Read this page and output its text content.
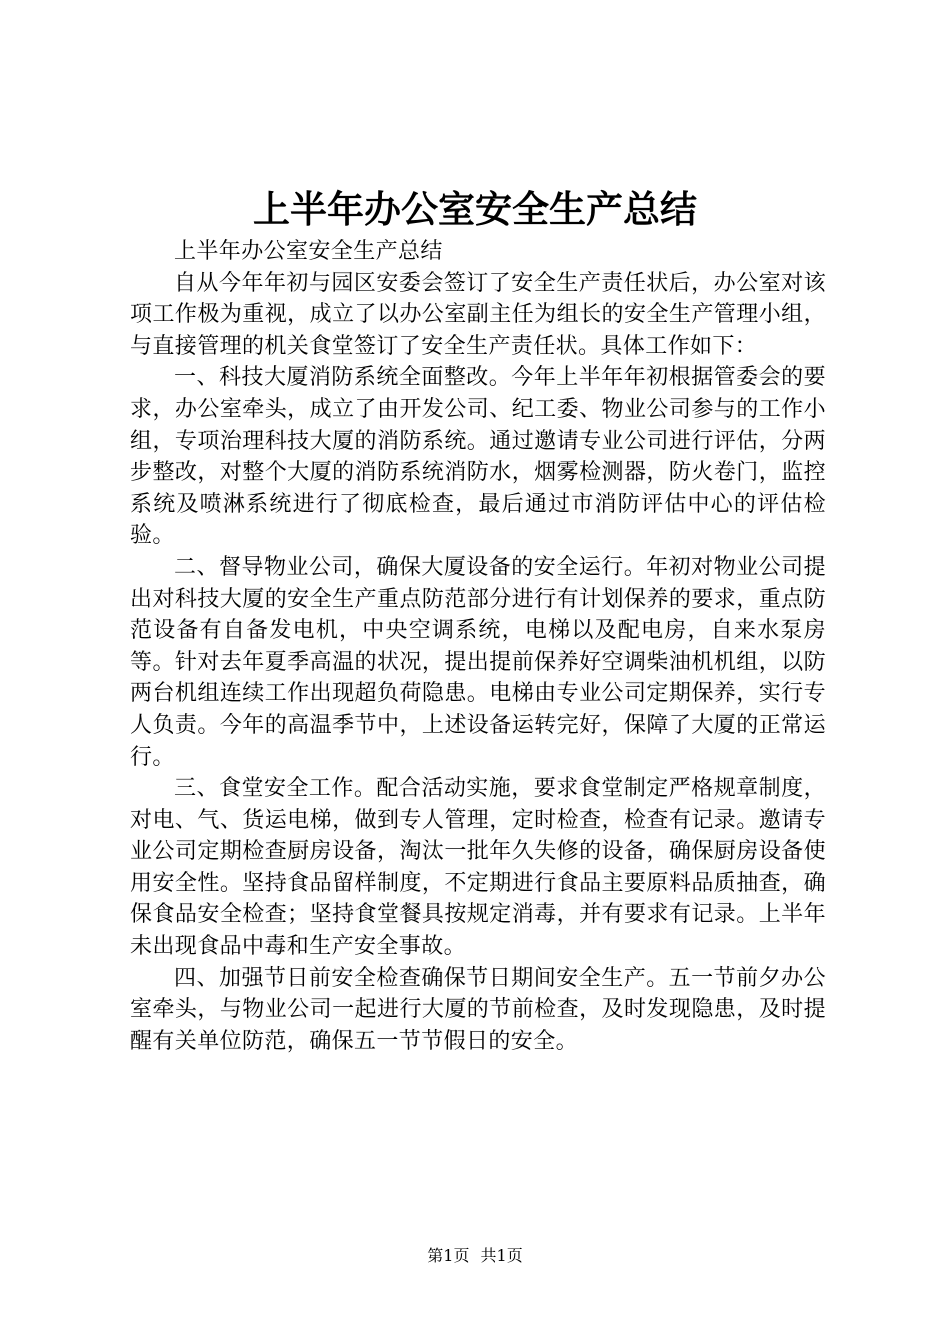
上半年办公室安全生产总结

上半年办公室安全生产总结

自从今年年初与园区安委会签订了安全生产责任状后，办公室对该项工作极为重视，成立了以办公室副主任为组长的安全生产管理小组，与直接管理的机关食堂签订了安全生产责任状。具体工作如下：

一、科技大厦消防系统全面整改。今年上半年年初根据管委会的要求，办公室牵头，成立了由开发公司、纪工委、物业公司参与的工作小组，专项治理科技大厦的消防系统。通过邀请专业公司进行评估，分两步整改，对整个大厦的消防系统消防水，烟雾检测器，防火卷门，监控系统及喷淋系统进行了彻底检查，最后通过市消防评估中心的评估检验。

二、督导物业公司，确保大厦设备的安全运行。年初对物业公司提出对科技大厦的安全生产重点防范部分进行有计划保养的要求，重点防范设备有自备发电机，中央空调系统，电梯以及配电房，自来水泵房等。针对去年夏季高温的状况，提出提前保养好空调柴油机机组，以防两台机组连续工作出现超负荷隐患。电梯由专业公司定期保养，实行专人负责。今年的高温季节中，上述设备运转完好，保障了大厦的正常运行。

三、食堂安全工作。配合活动实施，要求食堂制定严格规章制度，对电、气、货运电梯，做到专人管理，定时检查，检查有记录。邀请专业公司定期检查厨房设备，淘汰一批年久失修的设备，确保厨房设备使用安全性。坚持食品留样制度，不定期进行食品主要原料品质抽查，确保食品安全检查；坚持食堂餐具按规定消毒，并有要求有记录。上半年未出现食品中毒和生产安全事故。

四、加强节日前安全检查确保节日期间安全生产。五一节前夕办公室牵头，与物业公司一起进行大厦的节前检查，及时发现隐患，及时提醒有关单位防范，确保五一节节假日的安全。

第1页 共1页
